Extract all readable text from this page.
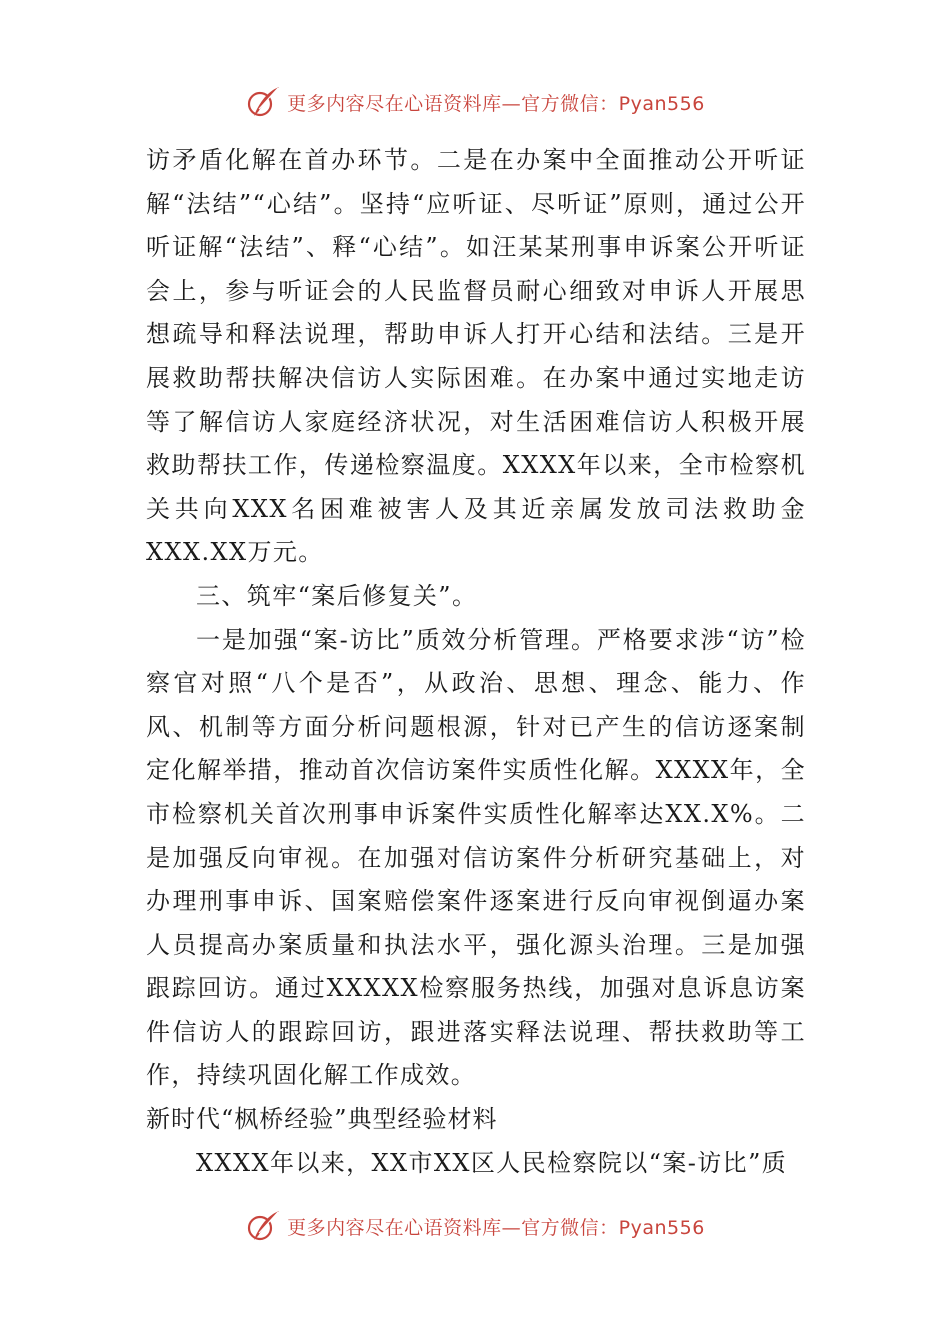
更多内容尽在心语资料库—官方微信：Pyan556

访矛盾化解在首办环节。二是在办案中全面推动公开听证解“法结”“心结”。坚持“应听证、尽听证”原则，通过公开听证解“法结”、释“心结”。如汪某某刑事申诉案公开听证会上，参与听证会的人民监督员耐心细致对申诉人开展思想疏导和释法说理，帮助申诉人打开心结和法结。三是开展救助帮扶解决信访人实际困难。在办案中通过实地走访等了解信访人家庭经济状况，对生活困难信访人积极开展救助帮扶工作，传递检察温度。XXXX年以来，全市检察机关共向XXX名困难被害人及其近亲属发放司法救助金XXX.XX万元。

三、筑牢“案后修复关”。

一是加强“案-访比”质效分析管理。严格要求涉“访”检察官对照“八个是否”，从政治、思想、理念、能力、作风、机制等方面分析问题根源，针对已产生的信访逐案制定化解举措，推动首次信访案件实质性化解。XXXX年，全市检察机关首次刑事申诉案件实质性化解率达XX.X%。二是加强反向审视。在加强对信访案件分析研究基础上，对办理刑事申诉、国案赔偿案件逐案进行反向审视倒逼办案人员提高办案质量和执法水平，强化源头治理。三是加强跟踪回访。通过XXXXX检察服务热线，加强对息诉息访案件信访人的跟踪回访，跟进落实释法说理、帮扶救助等工作，持续巩固化解工作成效。

新时代“枫桥经验”典型经验材料

XXXX年以来，XX市XX区人民检察院以“案-访比”质

更多内容尽在心语资料库—官方微信：Pyan556
